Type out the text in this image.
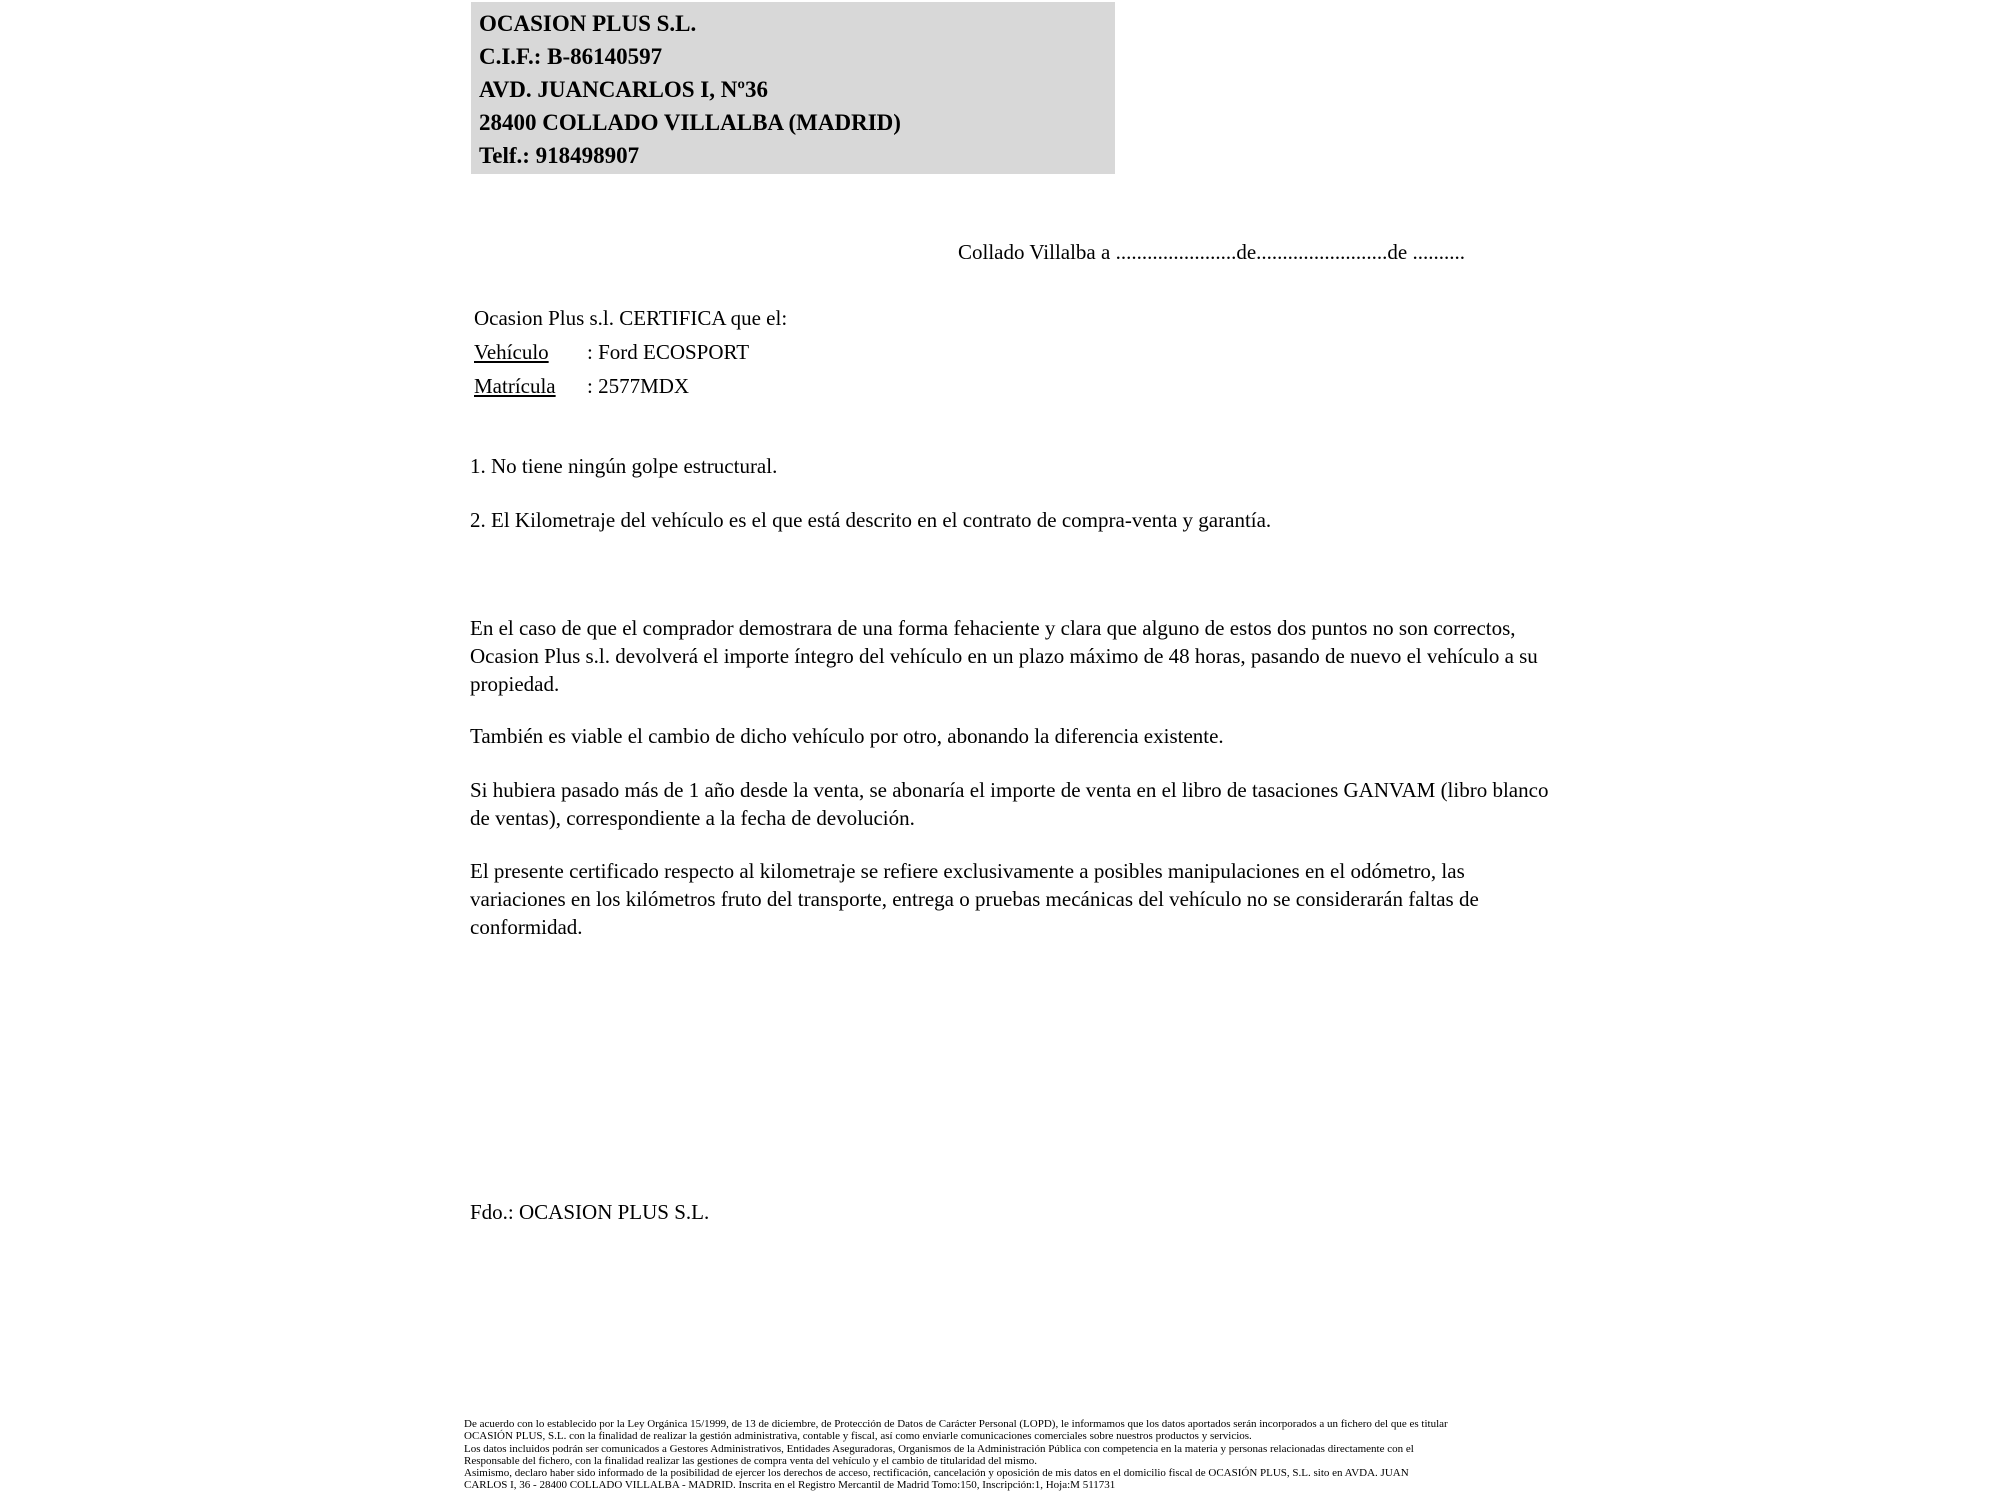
OCASION PLUS S.L.
C.I.F.: B-86140597
AVD. JUANCARLOS I, Nº36
28400 COLLADO VILLALBA (MADRID)
Telf.: 918498907
Collado Villalba a .......................de.........................de ..........
Ocasion Plus s.l. CERTIFICA que el:
Vehículo : Ford ECOSPORT
Matrícula : 2577MDX
1. No tiene ningún golpe estructural.
2. El Kilometraje del vehículo es el que está descrito en el contrato de compra-venta y garantía.
En el caso de que el comprador demostrara de una forma fehaciente y clara que alguno de estos dos puntos no son correctos, Ocasion Plus s.l. devolverá el importe íntegro del vehículo en un plazo máximo de 48 horas, pasando de nuevo el vehículo a su propiedad.
También es viable el cambio de dicho vehículo por otro, abonando la diferencia existente.
Si hubiera pasado más de 1 año desde la venta, se abonaría el importe de venta en el libro de tasaciones GANVAM (libro blanco de ventas), correspondiente a la fecha de devolución.
El presente certificado respecto al kilometraje se refiere exclusivamente a posibles manipulaciones en el odómetro, las variaciones en los kilómetros fruto del transporte, entrega o pruebas mecánicas del vehículo no se considerarán faltas de conformidad.
Fdo.: OCASION PLUS S.L.
De acuerdo con lo establecido por la Ley Orgánica 15/1999, de 13 de diciembre, de Protección de Datos de Carácter Personal (LOPD), le informamos que los datos aportados serán incorporados a un fichero del que es titular
OCASIÓN PLUS, S.L. con la finalidad de realizar la gestión administrativa, contable y fiscal, así como enviarle comunicaciones comerciales sobre nuestros productos y servicios.
Los datos incluidos podrán ser comunicados a Gestores Administrativos, Entidades Aseguradoras, Organismos de la Administración Pública con competencia en la materia y personas relacionadas directamente con el
Responsable del fichero, con la finalidad realizar las gestiones de compra venta del vehículo y el cambio de titularidad del mismo.
Asimismo, declaro haber sido informado de la posibilidad de ejercer los derechos de acceso, rectificación, cancelación y oposición de mis datos en el domicilio fiscal de OCASIÓN PLUS, S.L. sito en AVDA. JUAN
CARLOS I, 36 - 28400 COLLADO VILLALBA - MADRID. Inscrita en el Registro Mercantil de Madrid Tomo:150, Inscripción:1, Hoja:M 511731
